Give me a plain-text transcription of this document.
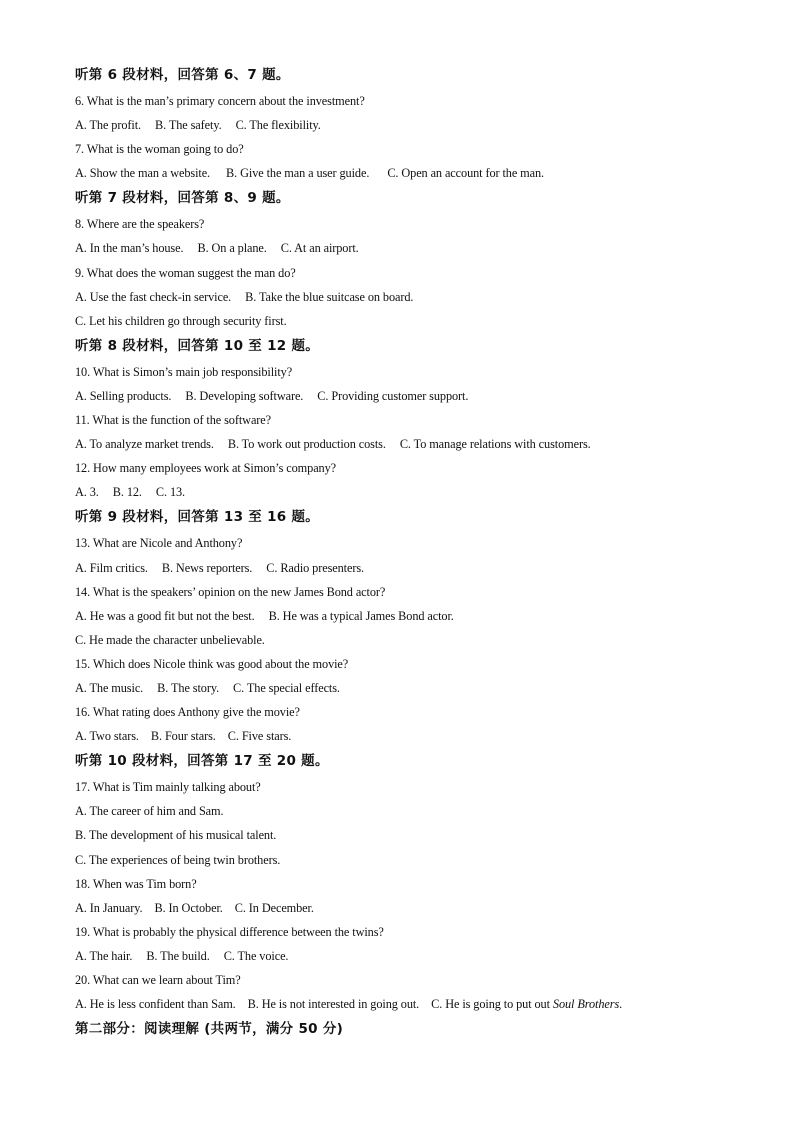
听第 6 段材料，回答第 6、7 题。
6. What is the man’s primary concern about the investment?
A. The profit. B. The safety. C. The flexibility.
7. What is the woman going to do?
A. Show the man a website. B. Give the man a user guide. C. Open an account for the man.
听第 7 段材料，回答第 8、9 题。
8. Where are the speakers?
A. In the man’s house. B. On a plane. C. At an airport.
9. What does the woman suggest the man do?
A. Use the fast check-in service. B. Take the blue suitcase on board.
C. Let his children go through security first.
听第 8 段材料，回答第 10 至 12 题。
10. What is Simon’s main job responsibility?
A. Selling products. B. Developing software. C. Providing customer support.
11. What is the function of the software?
A. To analyze market trends. B. To work out production costs. C. To manage relations with customers.
12. How many employees work at Simon’s company?
A. 3. B. 12. C. 13.
听第 9 段材料，回答第 13 至 16 题。
13. What are Nicole and Anthony?
A. Film critics. B. News reporters. C. Radio presenters.
14. What is the speakers’ opinion on the new James Bond actor?
A. He was a good fit but not the best. B. He was a typical James Bond actor.
C. He made the character unbelievable.
15. Which does Nicole think was good about the movie?
A. The music. B. The story. C. The special effects.
16. What rating does Anthony give the movie?
A. Two stars. B. Four stars. C. Five stars.
听第 10 段材料，回答第 17 至 20 题。
17. What is Tim mainly talking about?
A. The career of him and Sam.
B. The development of his musical talent.
C. The experiences of being twin brothers.
18. When was Tim born?
A. In January. B. In October. C. In December.
19. What is probably the physical difference between the twins?
A. The hair. B. The build. C. The voice.
20. What can we learn about Tim?
A. He is less confident than Sam. B. He is not interested in going out. C. He is going to put out Soul Brothers.
第二部分：阅读理解 (共两节，满分 50 分)
